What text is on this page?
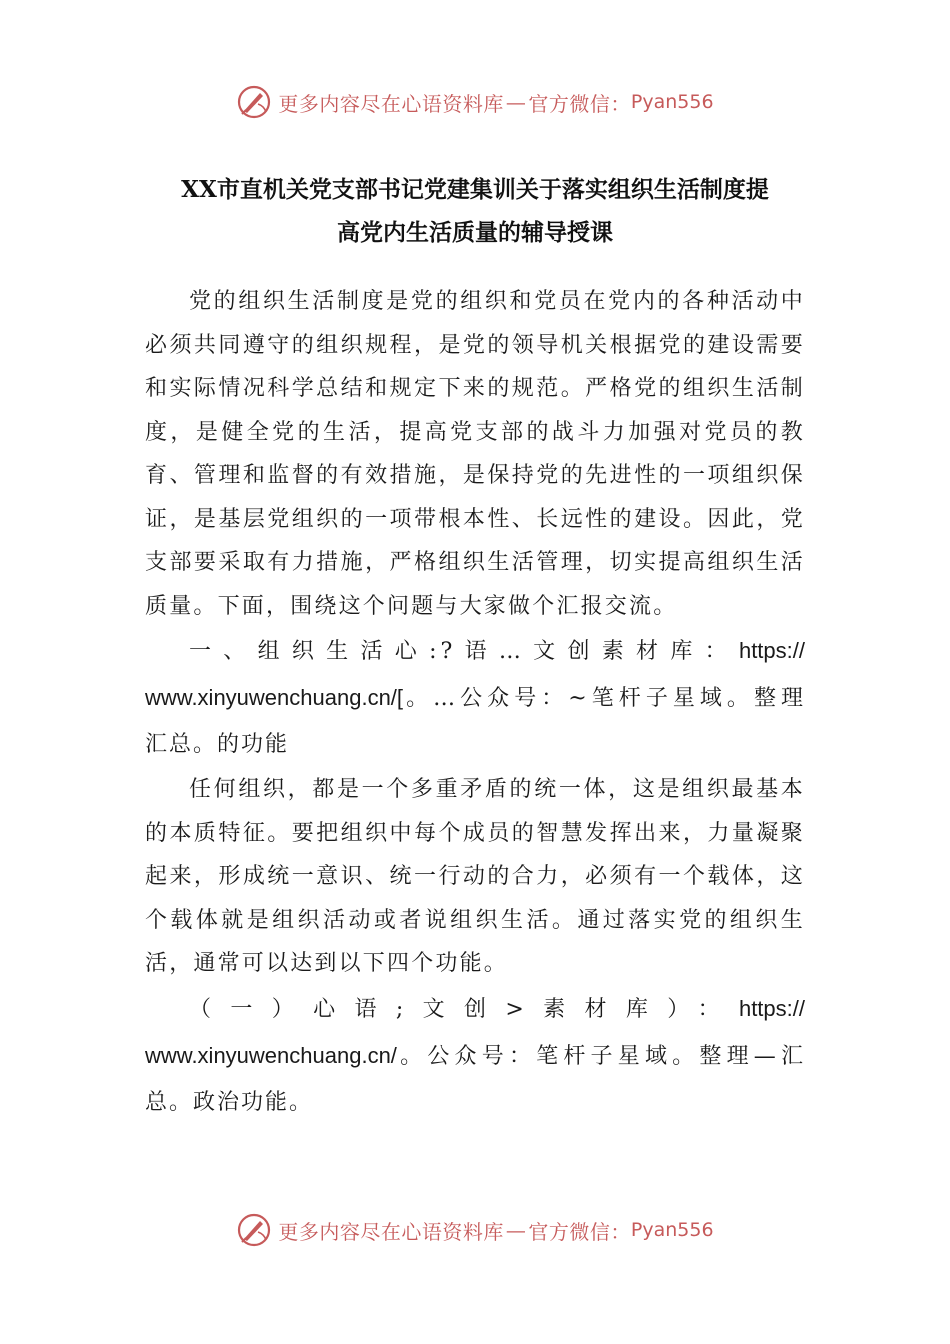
更多内容尽在心语资料库 — 官方微信： Pyan556
XX市直机关党支部书记党建集训关于落实组织生活制度提
高党内生活质量的辅导授课

党的组织生活制度是党的组织和党员在党内的各种活动中必须共同遵守的组织规程，是党的领导机关根据党的建设需要和实际情况科学总结和规定下来的规范。严格党的组织生活制度，是健全党的生活，提高党支部的战斗力加强对党员的教育、管理和监督的有效措施，是保持党的先进性的一项组织保证，是基层党组织的一项带根本性、长远性的建设。因此，党支部要采取有力措施，严格组织生活管理，切实提高组织生活质量。下面，围绕这个问题与大家做个汇报交流。

一、组织生活心:?语…文创素材库：https://
www.xinyuwenchuang.cn/[。…公众号：~笔杆子星域。整理
汇总。的功能

任何组织，都是一个多重矛盾的统一体，这是组织最基本的本质特征。要把组织中每个成员的智慧发挥出来，力量凝聚起来，形成统一意识、统一行动的合力，必须有一个载体，这个载体就是组织活动或者说组织生活。通过落实党的组织生活，通常可以达到以下四个功能。

（一）心语;文创>素材库）：https://
www.xinyuwenchuang.cn/。公众号：笔杆子星域。整理—汇
总。政治功能。

更多内容尽在心语资料库 — 官方微信： Pyan556
